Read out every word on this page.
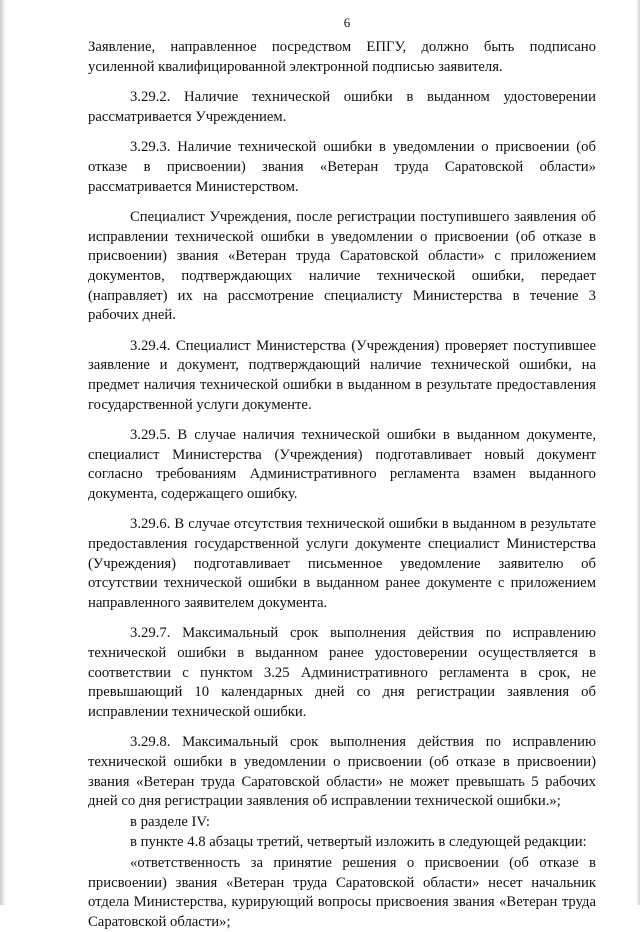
6

Заявление, направленное посредством ЕПГУ, должно быть подписано усиленной квалифицированной электронной подписью заявителя.

3.29.2. Наличие технической ошибки в выданном удостоверении рассматривается Учреждением.

3.29.3. Наличие технической ошибки в уведомлении о присвоении (об отказе в присвоении) звания «Ветеран труда Саратовской области» рассматривается Министерством.

Специалист Учреждения, после регистрации поступившего заявления об исправлении технической ошибки в уведомлении о присвоении (об отказе в присвоении) звания «Ветеран труда Саратовской области» с приложением документов, подтверждающих наличие технической ошибки, передает (направляет) их на рассмотрение специалисту Министерства в течение 3 рабочих дней.

3.29.4. Специалист Министерства (Учреждения) проверяет поступившее заявление и документ, подтверждающий наличие технической ошибки, на предмет наличия технической ошибки в выданном в результате предоставления государственной услуги документе.

3.29.5. В случае наличия технической ошибки в выданном документе, специалист Министерства (Учреждения) подготавливает новый документ согласно требованиям Административного регламента взамен выданного документа, содержащего ошибку.

3.29.6. В случае отсутствия технической ошибки в выданном в результате предоставления государственной услуги документе специалист Министерства (Учреждения) подготавливает письменное уведомление заявителю об отсутствии технической ошибки в выданном ранее документе с приложением направленного заявителем документа.

3.29.7. Максимальный срок выполнения действия по исправлению технической ошибки в выданном ранее удостоверении осуществляется в соответствии с пунктом 3.25 Административного регламента в срок, не превышающий 10 календарных дней со дня регистрации заявления об исправлении технической ошибки.

3.29.8. Максимальный срок выполнения действия по исправлению технической ошибки в уведомлении о присвоении (об отказе в присвоении) звания «Ветеран труда Саратовской области» не может превышать 5 рабочих дней со дня регистрации заявления об исправлении технической ошибки.»;

в разделе IV:

в пункте 4.8 абзацы третий, четвертый изложить в следующей редакции:

«ответственность за принятие решения о присвоении (об отказе в присвоении) звания «Ветеран труда Саратовской области» несет начальник отдела Министерства, курирующий вопросы присвоения звания «Ветеран труда Саратовской области»;
